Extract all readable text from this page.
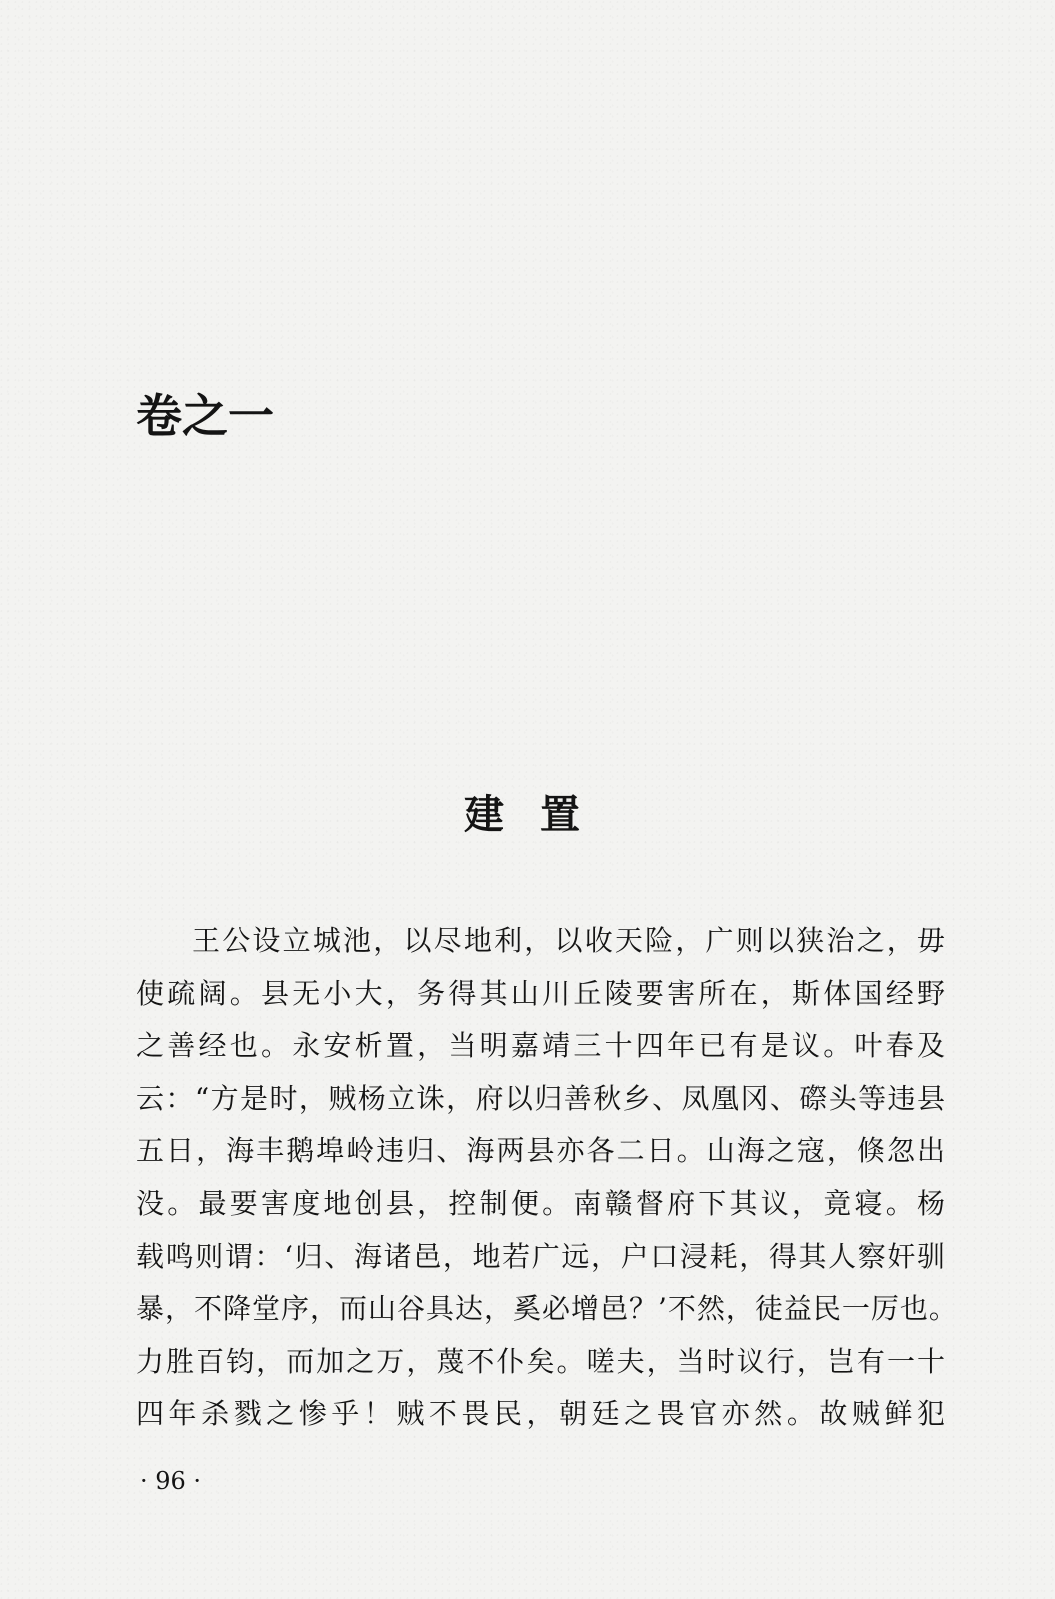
卷之一
建置
王公设立城池，以尽地利，以收天险，广则以狭治之，毋
使疏阔。县无小大，务得其山川丘陵要害所在，斯体国经野
之善经也。永安析置，当明嘉靖三十四年已有是议。叶春及
云：“方是时，贼杨立诛，府以归善秋乡、凤凰冈、磜头等违县
五日，海丰鹅埠岭违归、海两县亦各二日。山海之寇，倏忽出
没。最要害度地创县，控制便。南赣督府下其议，竟寝。杨
载鸣则谓：‘归、海诸邑，地若广远，户口浸耗，得其人察奸驯
暴，不降堂序，而山谷具达，奚必增邑？’不然，徒益民一厉也。
力胜百钧，而加之万，蔑不仆矣。嗟夫，当时议行，岂有一十
四年杀戮之惨乎！贼不畏民，朝廷之畏官亦然。故贼鲜犯
· 96 ·
